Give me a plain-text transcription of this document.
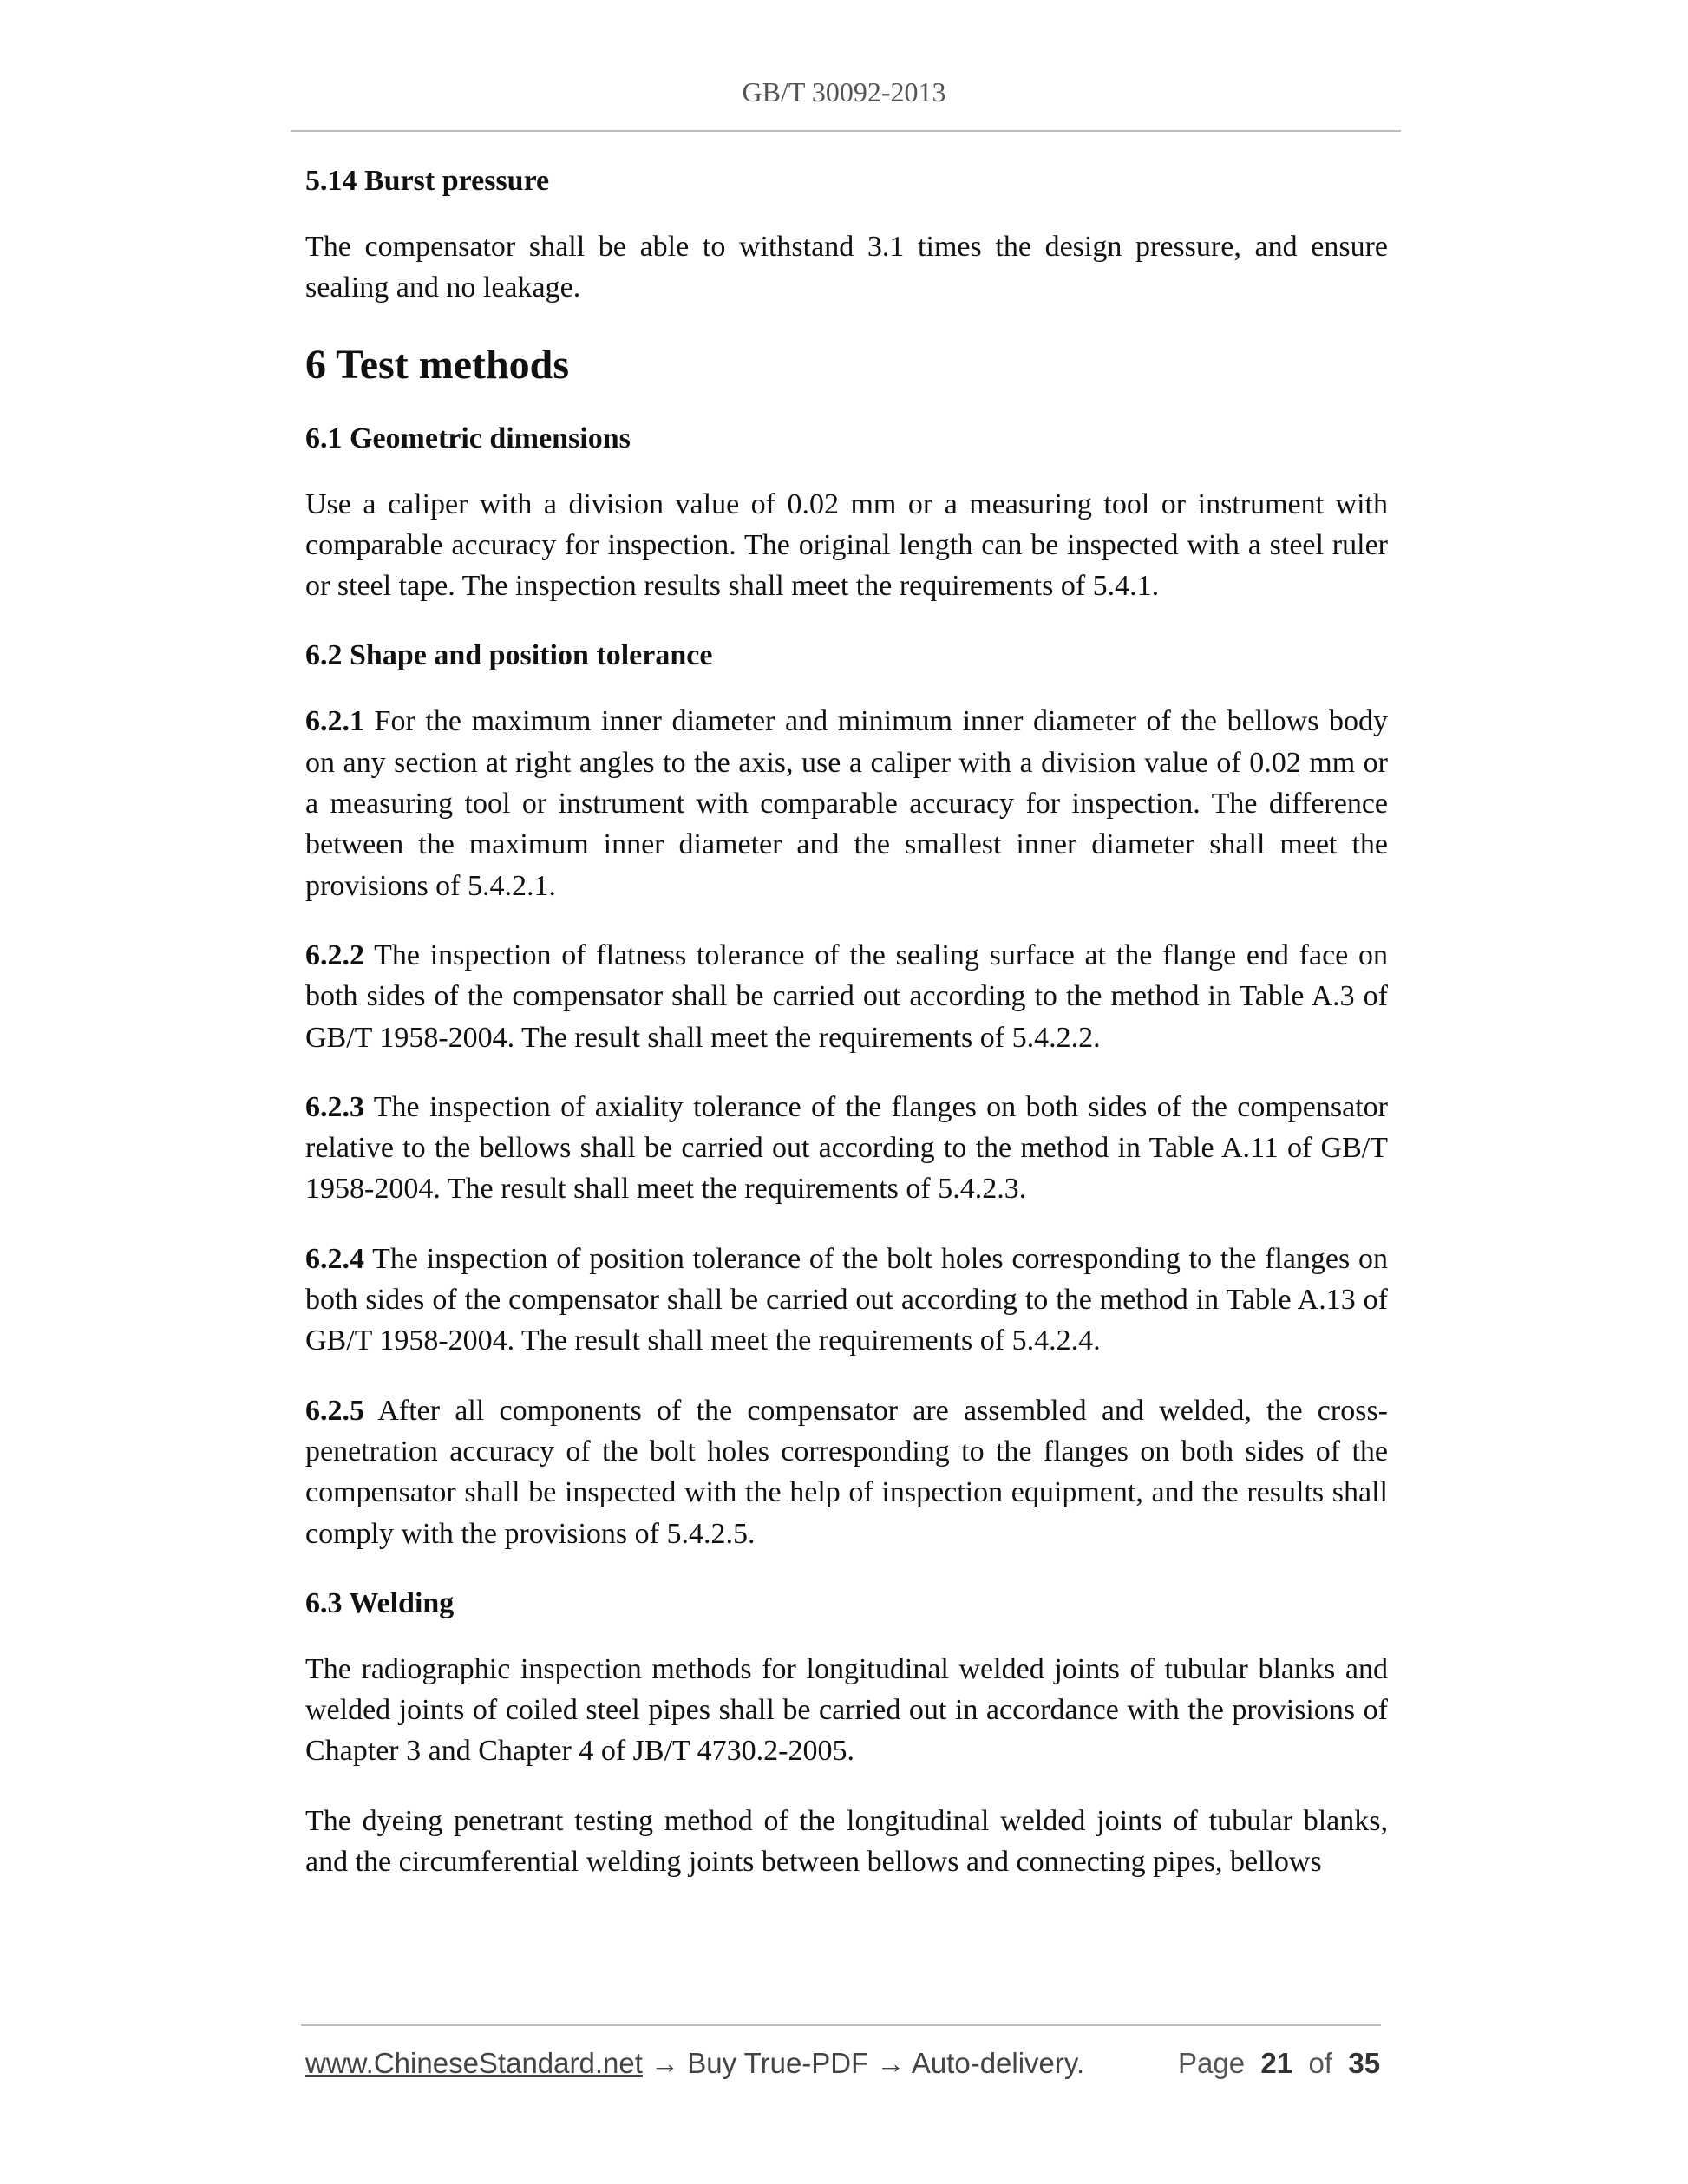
GB/T 30092-2013
5.14 Burst pressure

The compensator shall be able to withstand 3.1 times the design pressure, and ensure sealing and no leakage.

6 Test methods
6.1 Geometric dimensions

Use a caliper with a division value of 0.02 mm or a measuring tool or instrument with comparable accuracy for inspection. The original length can be inspected with a steel ruler or steel tape. The inspection results shall meet the requirements of 5.4.1.

6.2 Shape and position tolerance

6.2.1 For the maximum inner diameter and minimum inner diameter of the bellows body on any section at right angles to the axis, use a caliper with a division value of 0.02 mm or a measuring tool or instrument with comparable accuracy for inspection. The difference between the maximum inner diameter and the smallest inner diameter shall meet the provisions of 5.4.2.1.

6.2.2 The inspection of flatness tolerance of the sealing surface at the flange end face on both sides of the compensator shall be carried out according to the method in Table A.3 of GB/T 1958-2004. The result shall meet the requirements of 5.4.2.2.

6.2.3 The inspection of axiality tolerance of the flanges on both sides of the compensator relative to the bellows shall be carried out according to the method in Table A.11 of GB/T 1958-2004. The result shall meet the requirements of 5.4.2.3.

6.2.4 The inspection of position tolerance of the bolt holes corresponding to the flanges on both sides of the compensator shall be carried out according to the method in Table A.13 of GB/T 1958-2004. The result shall meet the requirements of 5.4.2.4.

6.2.5 After all components of the compensator are assembled and welded, the cross-penetration accuracy of the bolt holes corresponding to the flanges on both sides of the compensator shall be inspected with the help of inspection equipment, and the results shall comply with the provisions of 5.4.2.5.

6.3 Welding

The radiographic inspection methods for longitudinal welded joints of tubular blanks and welded joints of coiled steel pipes shall be carried out in accordance with the provisions of Chapter 3 and Chapter 4 of JB/T 4730.2-2005.

The dyeing penetrant testing method of the longitudinal welded joints of tubular blanks, and the circumferential welding joints between bellows and connecting pipes, bellows

www.ChineseStandard.net → Buy True-PDF → Auto-delivery.	Page 21 of 35
